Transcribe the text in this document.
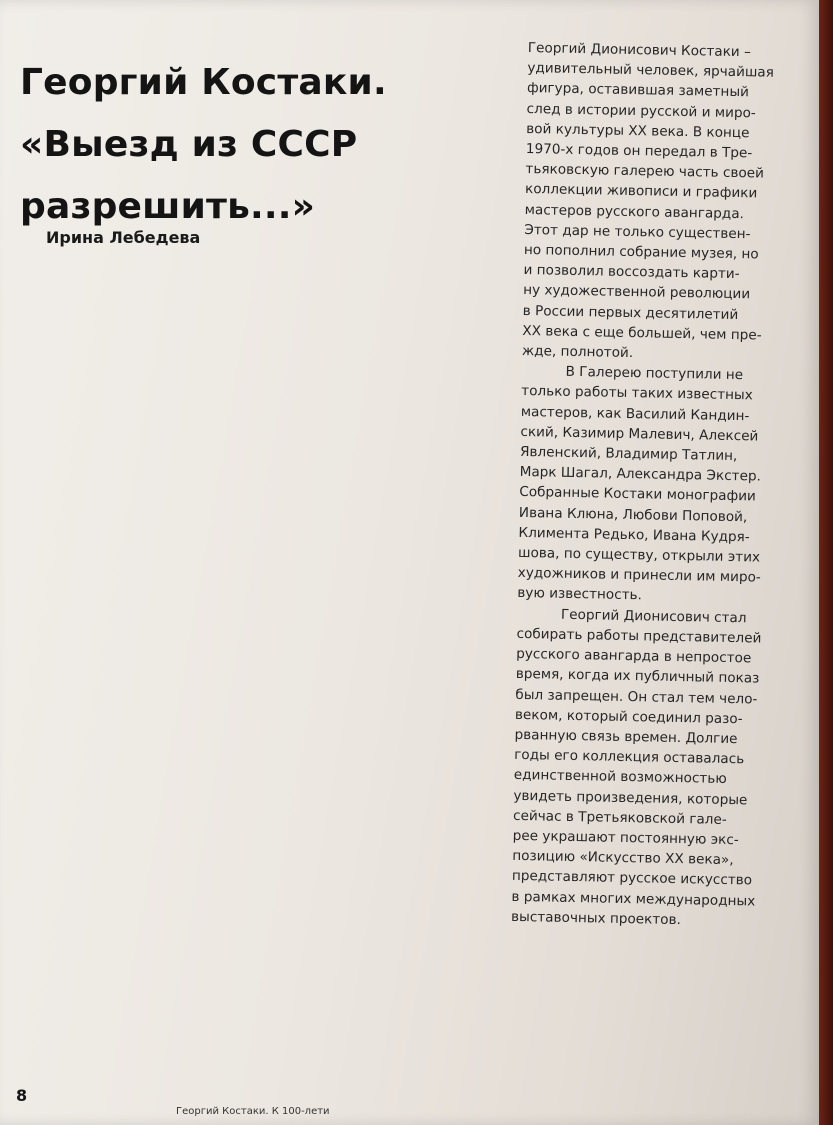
Георгий Костаки.
«Выезд из СССР
разрешить...»

Ирина Лебедева

Георгий Дионисович Костаки –
удивительный человек, ярчайшая
фигура, оставившая заметный
след в истории русской и миро-
вой культуры XX века. В конце
1970-х годов он передал в Тре-
тьяковскую галерею часть своей
коллекции живописи и графики
мастеров русского авангарда.
Этот дар не только существен-
но пополнил собрание музея, но
и позволил воссоздать карти-
ну художественной революции
в России первых десятилетий
XX века с еще большей, чем пре-
жде, полнотой.

В Галерею поступили не
только работы таких известных
мастеров, как Василий Кандин-
ский, Казимир Малевич, Алексей
Явленский, Владимир Татлин,
Марк Шагал, Александра Экстер.
Собранные Костаки монографии
Ивана Клюна, Любови Поповой,
Климента Редько, Ивана Кудря-
шова, по существу, открыли этих
художников и принесли им миро-
вую известность.

Георгий Дионисович стал
собирать работы представителей
русского авангарда в непростое
время, когда их публичный показ
был запрещен. Он стал тем чело-
веком, который соединил разо-
рванную связь времен. Долгие
годы его коллекция оставалась
единственной возможностью
увидеть произведения, которые
сейчас в Третьяковской гале-
рее украшают постоянную экс-
позицию «Искусство XX века»,
представляют русское искусство
в рамках многих международных
выставочных проектов.

8
Георгий Костаки. К 100-лети
